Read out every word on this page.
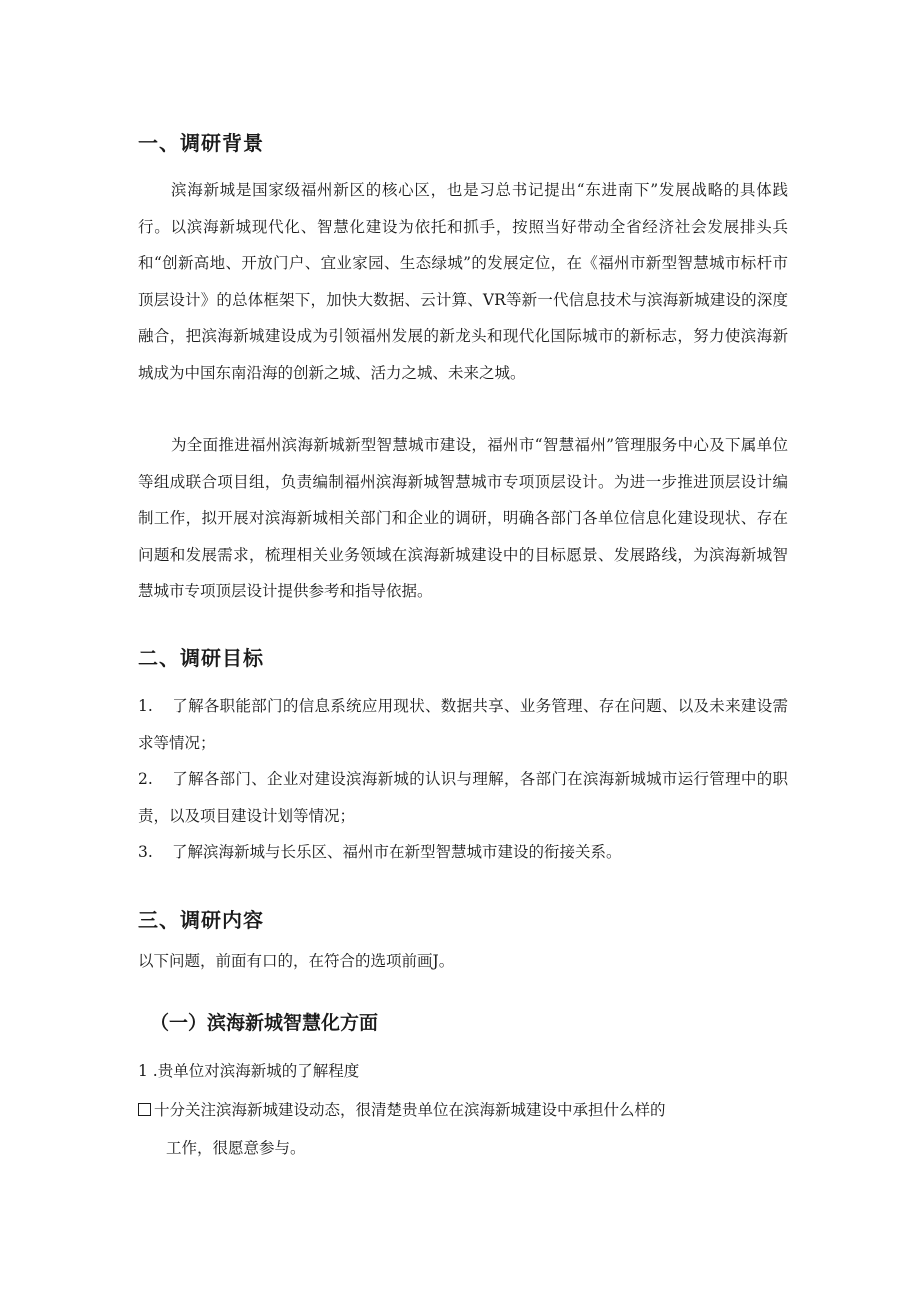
一、调研背景

滨海新城是国家级福州新区的核心区，也是习总书记提出“东进南下”发展战略的具体践行。以滨海新城现代化、智慧化建设为依托和抓手，按照当好带动全省经济社会发展排头兵和“创新高地、开放门户、宜业家园、生态绿城”的发展定位，在《福州市新型智慧城市标杆市顶层设计》的总体框架下，加快大数据、云计算、VR等新一代信息技术与滨海新城建设的深度融合，把滨海新城建设成为引领福州发展的新龙头和现代化国际城市的新标志，努力使滨海新城成为中国东南沿海的创新之城、活力之城、未来之城。

为全面推进福州滨海新城新型智慧城市建设，福州市“智慧福州”管理服务中心及下属单位等组成联合项目组，负责编制福州滨海新城智慧城市专项顶层设计。为进一步推进顶层设计编制工作，拟开展对滨海新城相关部门和企业的调研，明确各部门各单位信息化建设现状、存在问题和发展需求，梳理相关业务领域在滨海新城建设中的目标愿景、发展路线，为滨海新城智慧城市专项顶层设计提供参考和指导依据。

二、调研目标

1. 了解各职能部门的信息系统应用现状、数据共享、业务管理、存在问题、以及未来建设需求等情况；

2. 了解各部门、企业对建设滨海新城的认识与理解，各部门在滨海新城城市运行管理中的职责，以及项目建设计划等情况；

3. 了解滨海新城与长乐区、福州市在新型智慧城市建设的衔接关系。

三、调研内容

以下问题，前面有口的，在符合的选项前画J。

（一）滨海新城智慧化方面

1 .贵单位对滨海新城的了解程度

十分关注滨海新城建设动态，很清楚贵单位在滨海新城建设中承担什么样的

工作，很愿意参与。
